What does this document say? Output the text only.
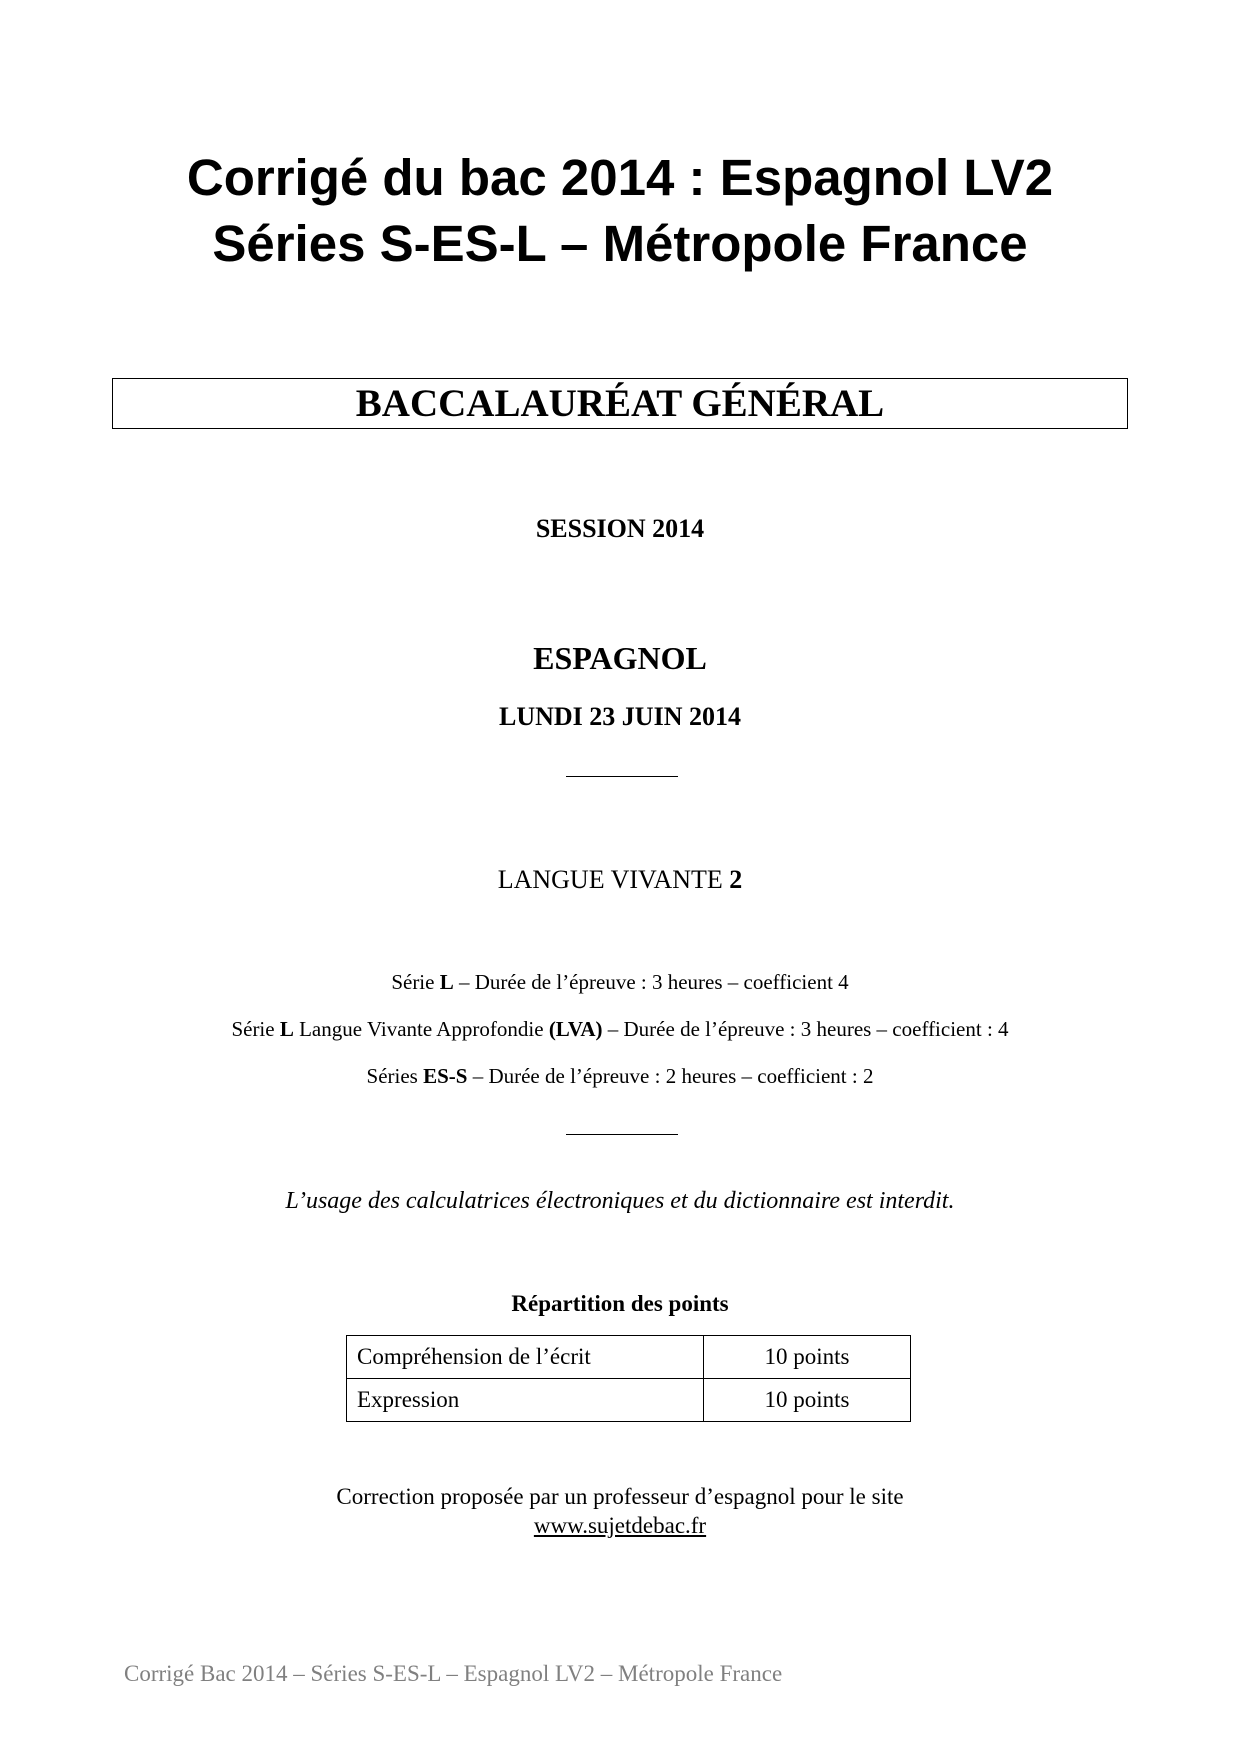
Corrigé du bac 2014 : Espagnol LV2
Séries S-ES-L – Métropole France
BACCALAURÉAT GÉNÉRAL
SESSION 2014
ESPAGNOL
LUNDI 23 JUIN 2014
LANGUE VIVANTE 2
Série L – Durée de l’épreuve : 3 heures – coefficient 4
Série L Langue Vivante Approfondie (LVA) – Durée de l’épreuve : 3 heures – coefficient : 4
Séries ES-S – Durée de l’épreuve : 2 heures – coefficient : 2
L’usage des calculatrices électroniques et du dictionnaire est interdit.
Répartition des points
Compréhension de l’écrit	10 points
Expression	10 points
Correction proposée par un professeur d’espagnol pour le site
www.sujetdebac.fr
Corrigé Bac 2014 – Séries S-ES-L – Espagnol LV2 – Métropole France
